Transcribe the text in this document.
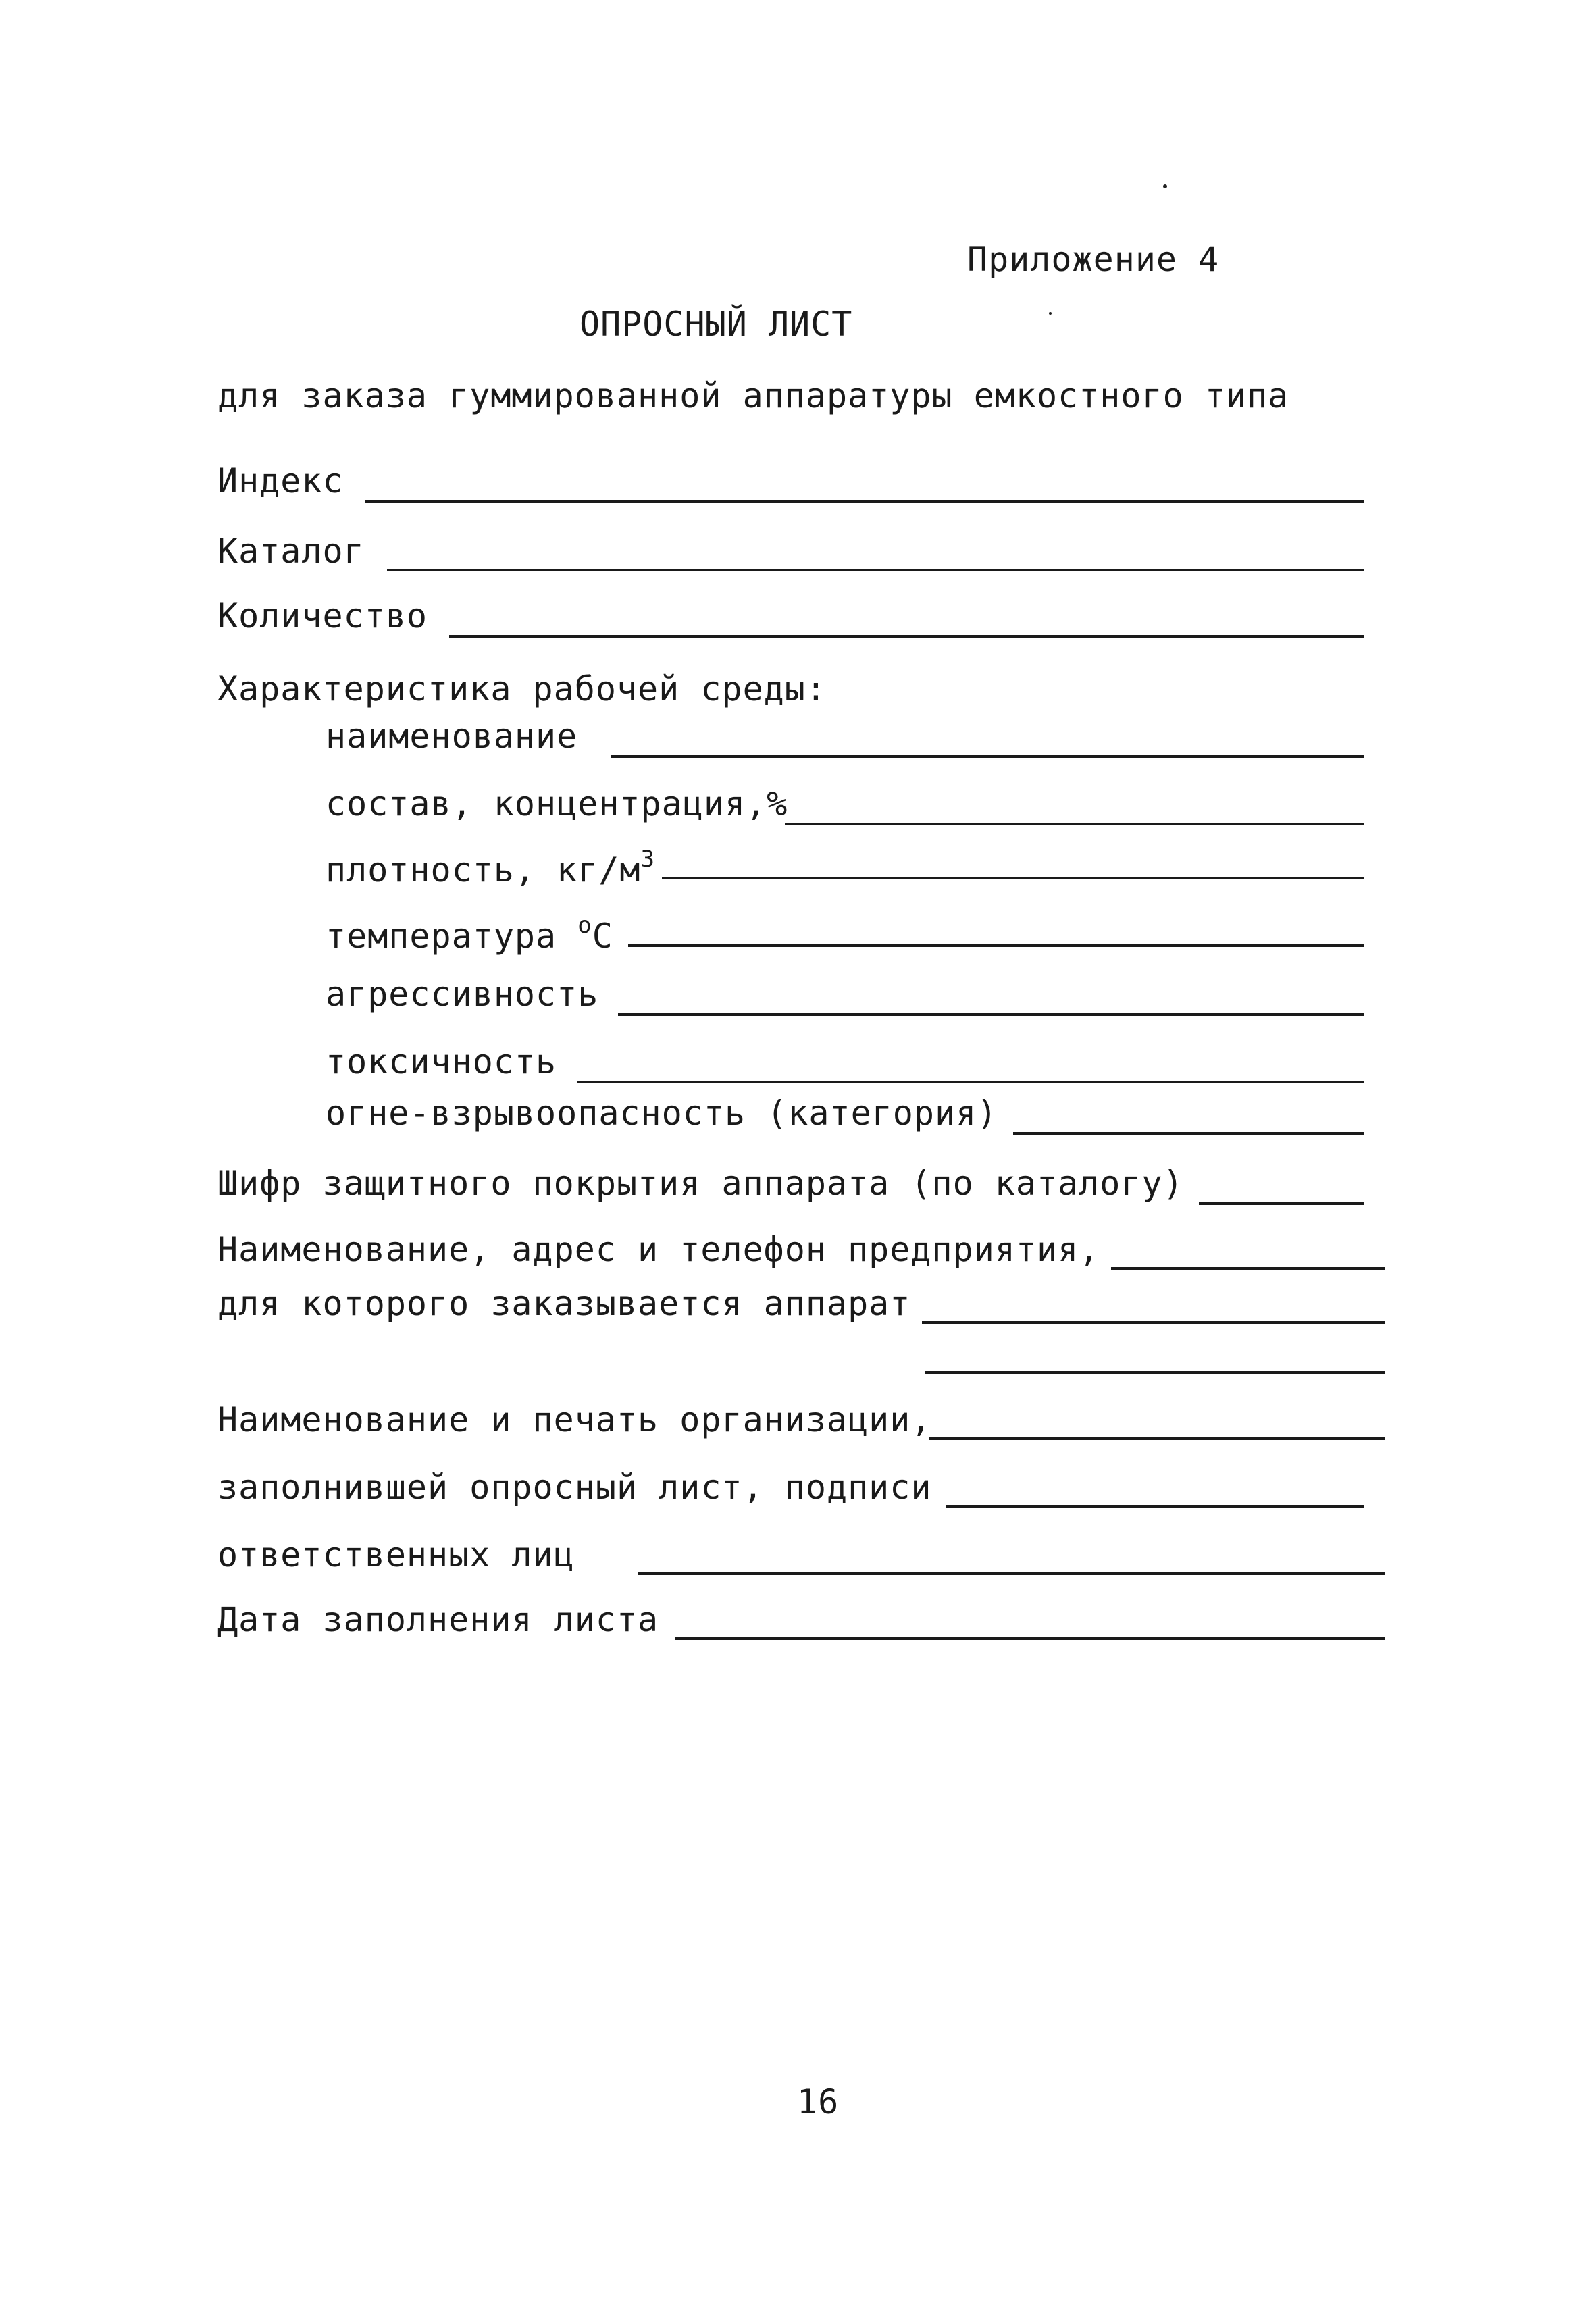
Приложение 4
ОПРОСНЫЙ ЛИСТ
для заказа гуммированной аппаратуры емкостного типа
Индекс
Каталог
Количество
Характеристика рабочей среды:
наименование
состав, концентрация,%
плотность, $кг/м^3$
температура $^о$С
агрессивность
токсичность
огне-взрывоопасность (категория)
Шифр защитного покрытия аппарата (по каталогу)
Наименование, адрес и телефон предприятия,
для которого заказывается аппарат
Наименование и печать организации,
заполнившей опросный лист, подписи
ответственных лиц
Дата заполнения листа
16
